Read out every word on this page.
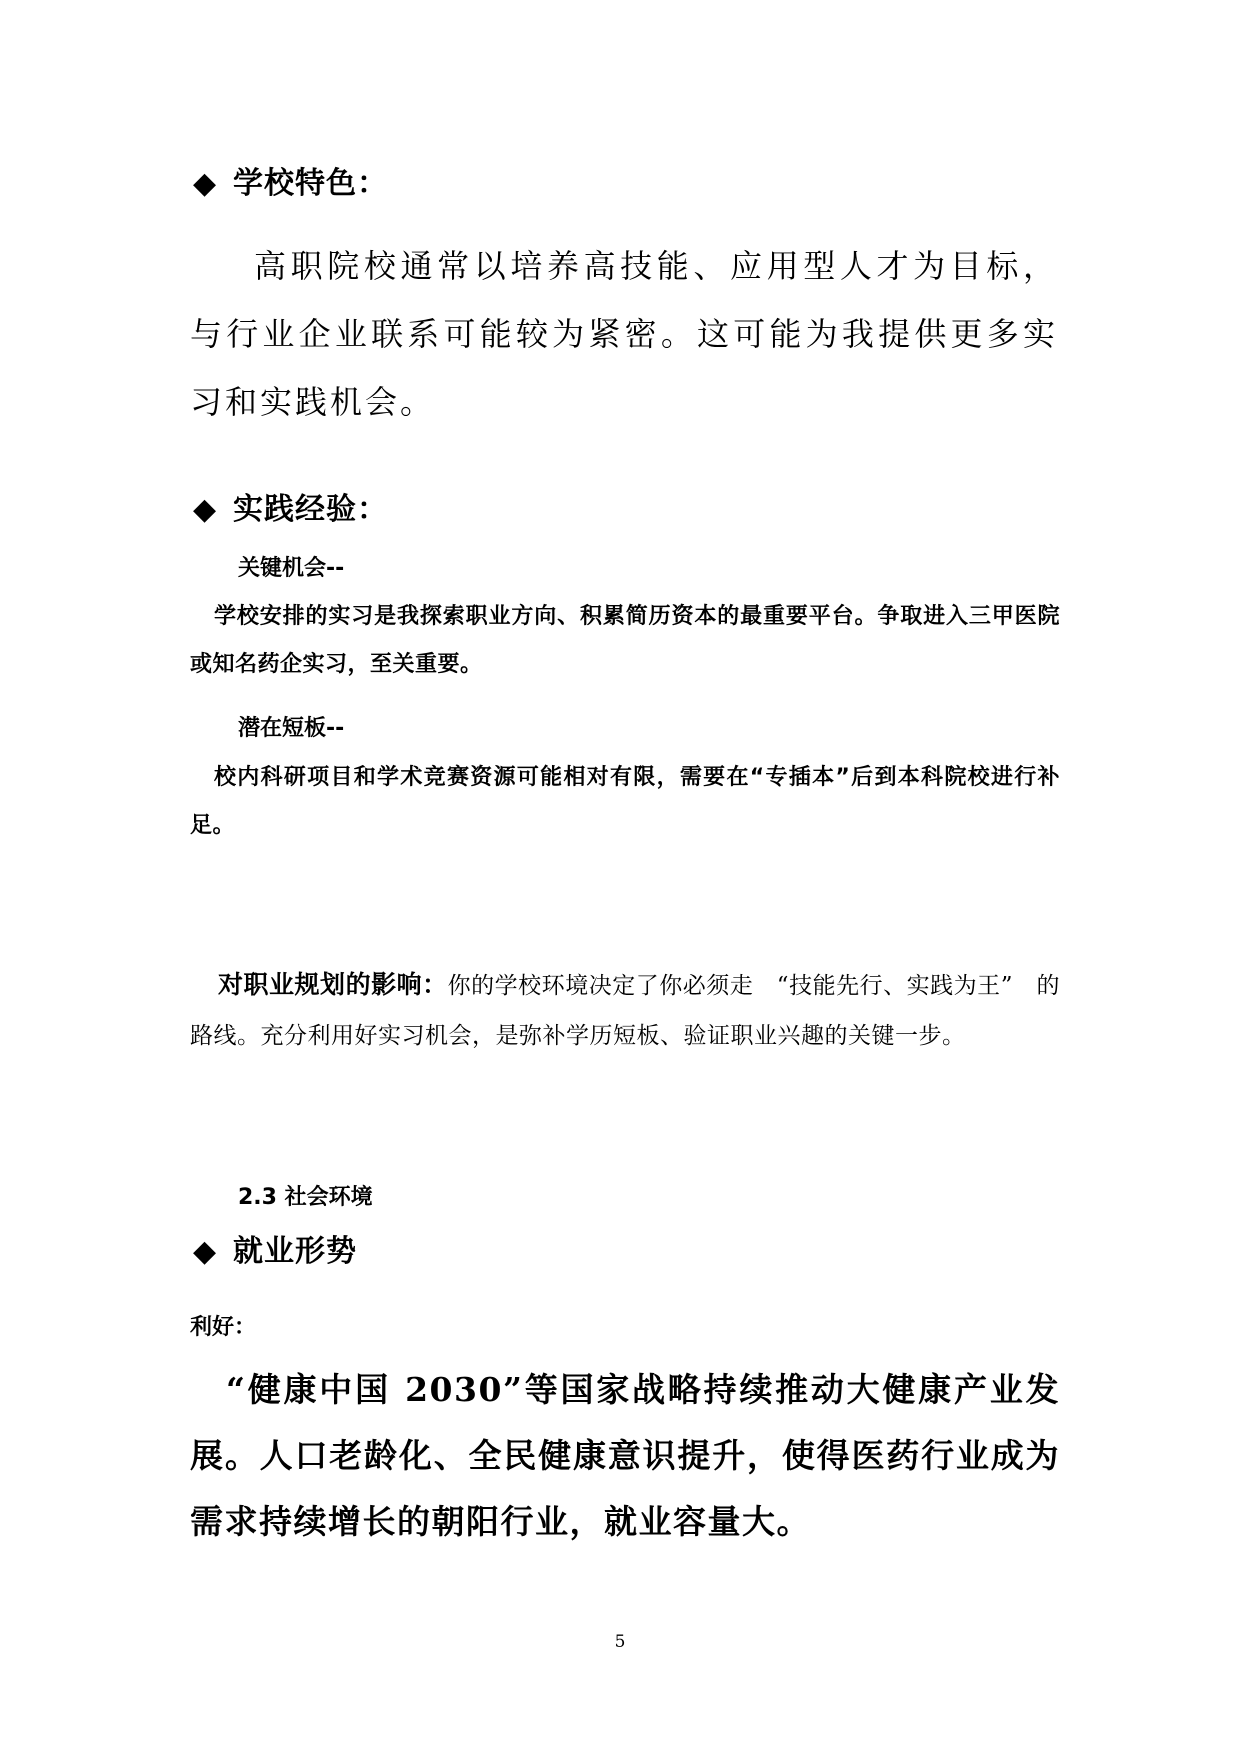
◆ 学校特色：
高职院校通常以培养高技能、应用型人才为目标，与行业企业联系可能较为紧密。这可能为我提供更多实习和实践机会。
◆ 实践经验：
关键机会--
学校安排的实习是我探索职业方向、积累简历资本的最重要平台。争取进入三甲医院或知名药企实习，至关重要。
潜在短板--
校内科研项目和学术竞赛资源可能相对有限，需要在“专插本”后到本科院校进行补足。
对职业规划的影响：你的学校环境决定了你必须走　“技能先行、实践为王”　的路线。充分利用好实习机会，是弥补学历短板、验证职业兴趣的关键一步。
2.3 社会环境
◆ 就业形势
利好：
“健康中国 2030”等国家战略持续推动大健康产业发展。人口老龄化、全民健康意识提升，使得医药行业成为需求持续增长的朝阳行业，就业容量大。
5
